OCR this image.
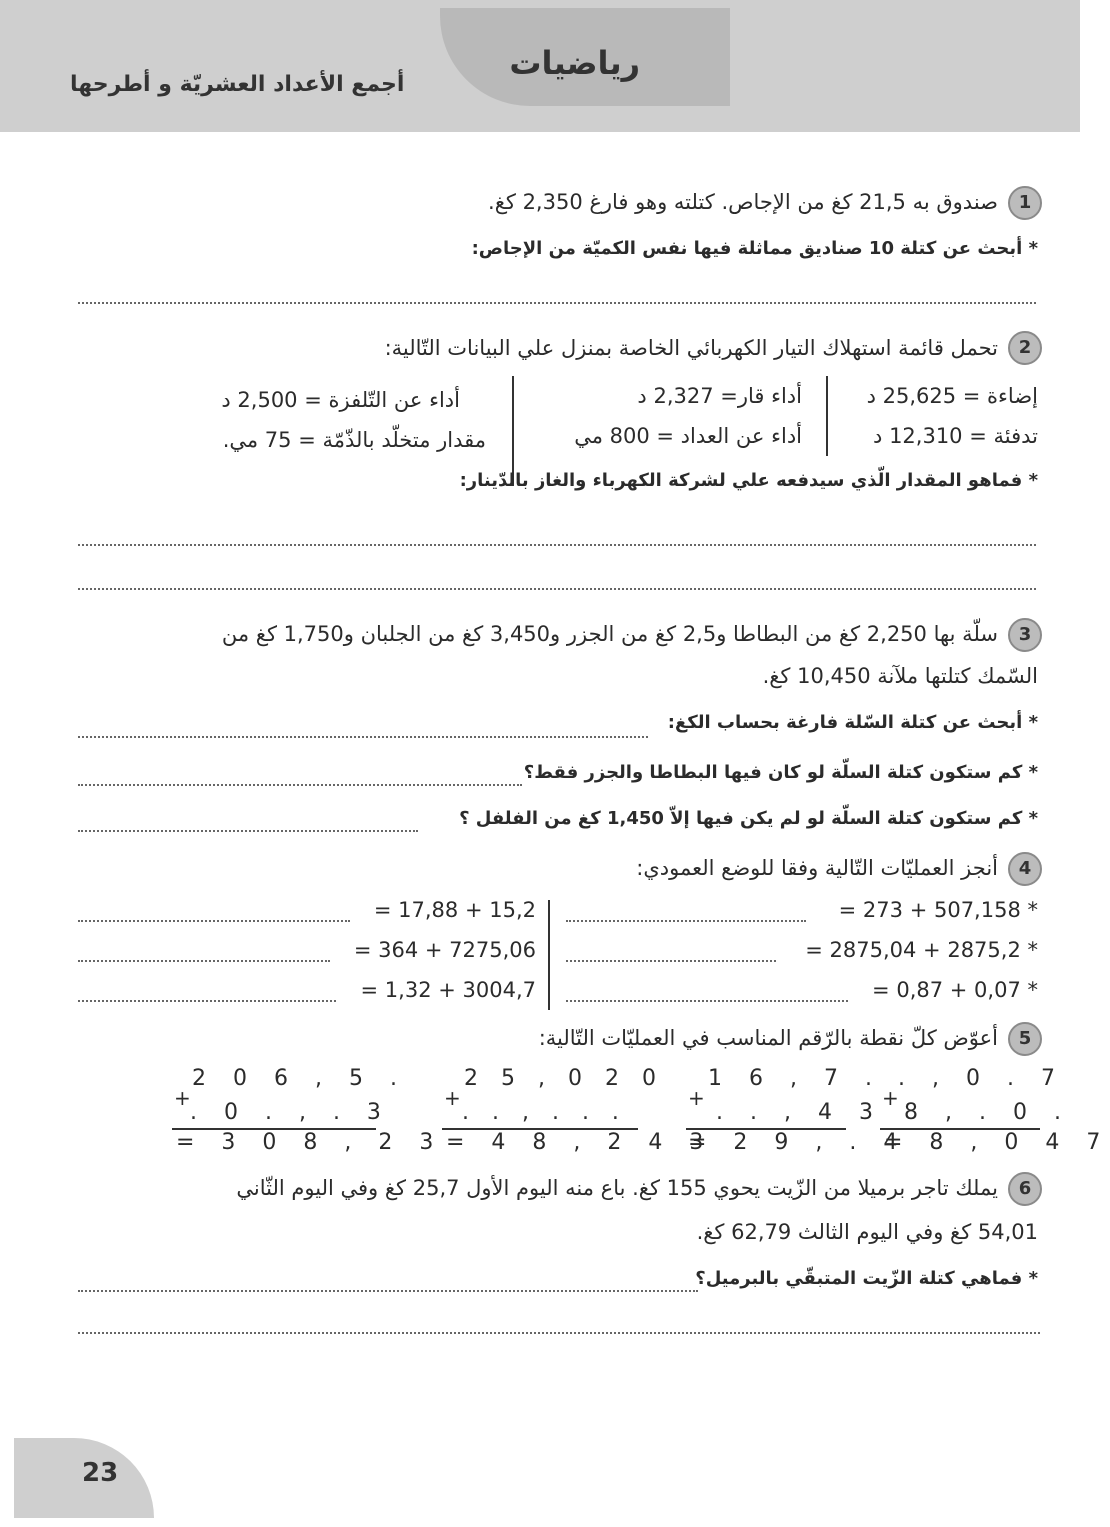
رياضيات
أجمع الأعداد العشريّة و أطرحها
1
صندوق به 21,5 كغ من الإجاص. كتلته وهو فارغ 2,350 كغ.
* أبحث عن كتلة 10 صناديق مماثلة فيها نفس الكميّة من الإجاص:
2
تحمل قائمة استهلاك التيار الكهربائي الخاصة بمنزل علي البيانات التّالية:
إضاءة = 25,625 د
تدفئة = 12,310 د
أداء قار= 2,327 د
أداء عن العداد = 800 مي
أداء عن التّلفزة = 2,500 د
مقدار متخلّد بالذّمّة = 75 مي.
* فماهو المقدار الّذي سيدفعه علي لشركة الكهرباء والغاز بالدّينار:
3
سلّة بها 2,250 كغ من البطاطا و2,5 كغ من الجزر و3,450 كغ من الجلبان و1,750 كغ من
السّمك كتلتها ملآنة 10,450 كغ.
* أبحث عن كتلة السّلة فارغة بحساب الكغ:
* كم ستكون كتلة السلّة لو كان فيها البطاطا والجزر فقط؟
* كم ستكون كتلة السلّة لو لم يكن فيها إلاّ 1,450 كغ من الفلفل ؟
4
أنجز العمليّات التّالية وفقا للوضع العمودي:
* 507,158 + 273 =
* 2875,2 + 2875,04 =
* 0,07 + 0,87 =
15,2 + 17,88 =
7275,06 + 364 =
3004,7 + 1,32 =
5
أعوّض كلّ نقطة بالرّقم المناسب في العمليّات التّالية:
. , 0 . 7
+
8 , . 0 .
= 8 , 0 4 7
1 6 , 7 .
+
. . , 4 3
= 2 9 , . 4
2 5 , 0 2 0
+
. . , . . .
= 4 8 , 2 4 3
2 0 6 , 5 .
+
. 0 . , . 3
= 3 0 8 , 2 3
6
يملك تاجر برميلا من الزّيت يحوي 155 كغ. باع منه اليوم الأول 25,7 كغ وفي اليوم الثّاني
54,01 كغ وفي اليوم الثالث 62,79 كغ.
* فماهي كتلة الزّيت المتبقّي بالبرميل؟
23
